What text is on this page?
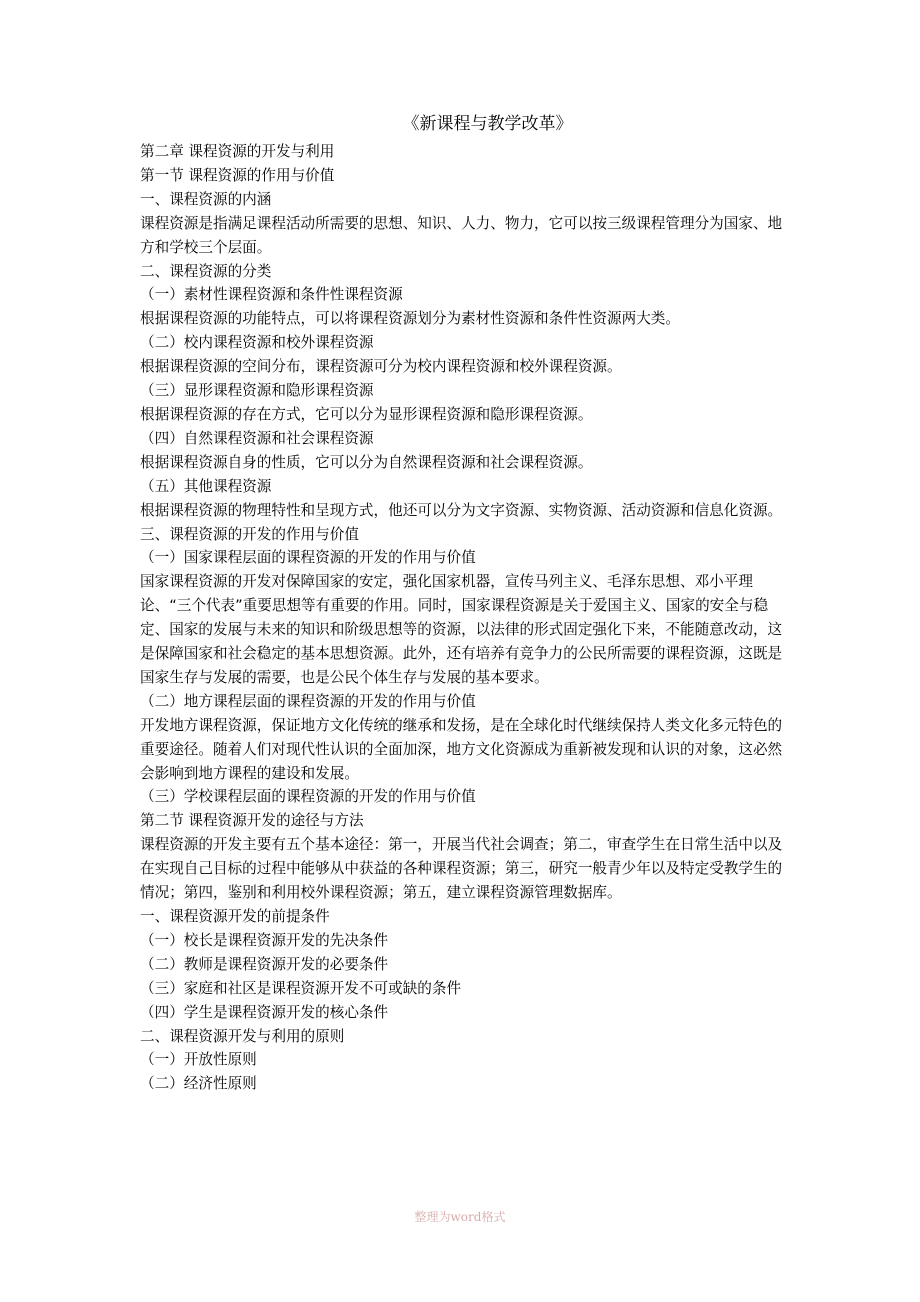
《新课程与教学改革》

第二章 课程资源的开发与利用

第一节 课程资源的作用与价值

一、课程资源的内涵

课程资源是指满足课程活动所需要的思想、知识、人力、物力，它可以按三级课程管理分为国家、地方和学校三个层面。

二、课程资源的分类

（一）素材性课程资源和条件性课程资源

根据课程资源的功能特点，可以将课程资源划分为素材性资源和条件性资源两大类。

（二）校内课程资源和校外课程资源

根据课程资源的空间分布，课程资源可分为校内课程资源和校外课程资源。

（三）显形课程资源和隐形课程资源

根据课程资源的存在方式，它可以分为显形课程资源和隐形课程资源。

（四）自然课程资源和社会课程资源

根据课程资源自身的性质，它可以分为自然课程资源和社会课程资源。

（五）其他课程资源

根据课程资源的物理特性和呈现方式，他还可以分为文字资源、实物资源、活动资源和信息化资源。

三、课程资源的开发的作用与价值

（一）国家课程层面的课程资源的开发的作用与价值

国家课程资源的开发对保障国家的安定，强化国家机器，宣传马列主义、毛泽东思想、邓小平理论、“三个代表”重要思想等有重要的作用。同时，国家课程资源是关于爱国主义、国家的安全与稳定、国家的发展与未来的知识和阶级思想等的资源，以法律的形式固定强化下来，不能随意改动，这是保障国家和社会稳定的基本思想资源。此外，还有培养有竞争力的公民所需要的课程资源，这既是国家生存与发展的需要，也是公民个体生存与发展的基本要求。

（二）地方课程层面的课程资源的开发的作用与价值

开发地方课程资源，保证地方文化传统的继承和发扬，是在全球化时代继续保持人类文化多元特色的重要途径。随着人们对现代性认识的全面加深，地方文化资源成为重新被发现和认识的对象，这必然会影响到地方课程的建设和发展。

（三）学校课程层面的课程资源的开发的作用与价值

第二节 课程资源开发的途径与方法

课程资源的开发主要有五个基本途径：第一，开展当代社会调查；第二，审查学生在日常生活中以及在实现自己目标的过程中能够从中获益的各种课程资源；第三，研究一般青少年以及特定受教学生的情况；第四，鉴别和利用校外课程资源；第五，建立课程资源管理数据库。

一、课程资源开发的前提条件

（一）校长是课程资源开发的先决条件

（二）教师是课程资源开发的必要条件

（三）家庭和社区是课程资源开发不可或缺的条件

（四）学生是课程资源开发的核心条件

二、课程资源开发与利用的原则

（一）开放性原则

（二）经济性原则

整理为word格式
